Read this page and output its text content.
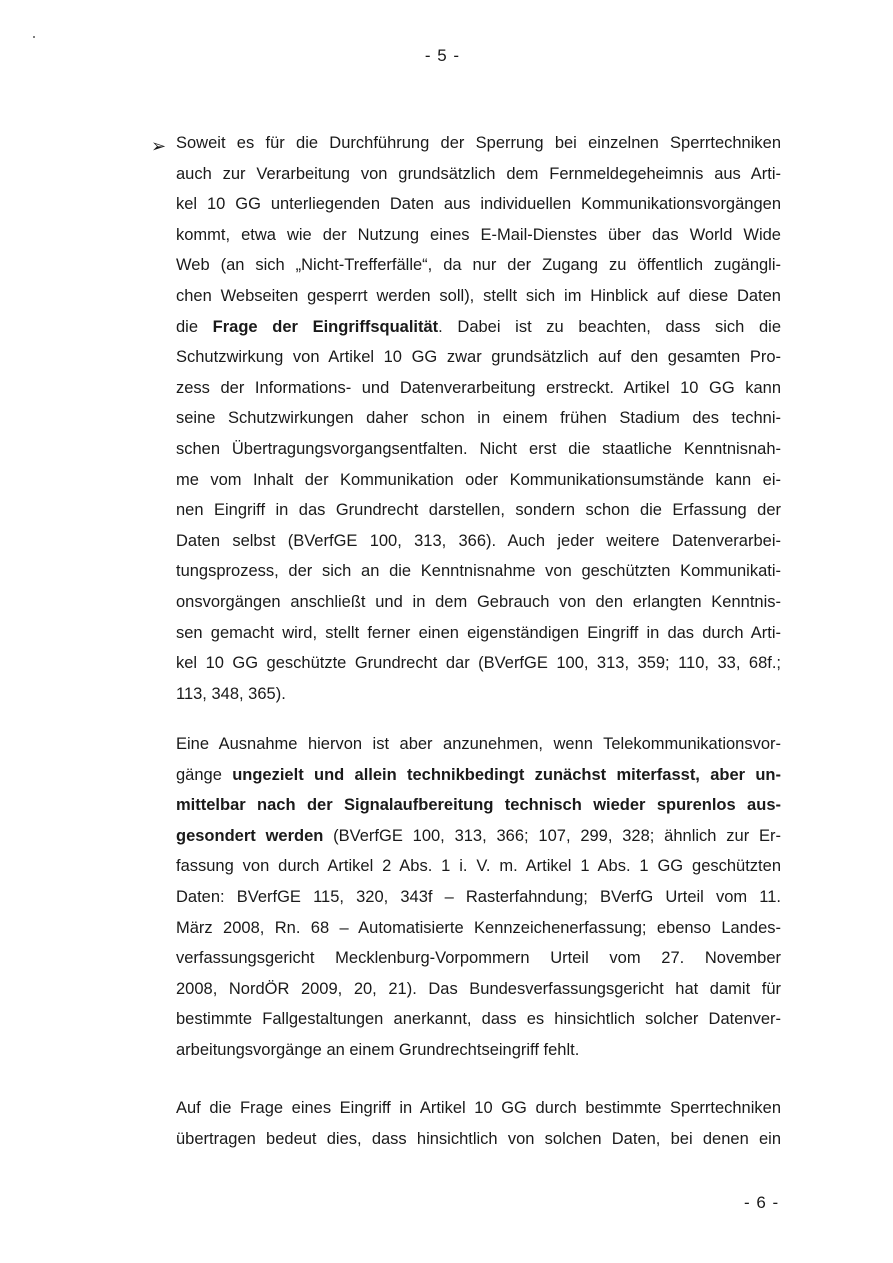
- 5 -
➢ Soweit es für die Durchführung der Sperrung bei einzelnen Sperrtechniken
auch zur Verarbeitung von grundsätzlich dem Fernmeldegeheimnis aus Arti-
kel 10 GG unterliegenden Daten aus individuellen Kommunikationsvorgängen
kommt, etwa wie der Nutzung eines E-Mail-Dienstes über das World Wide
Web (an sich „Nicht-Trefferfälle“, da nur der Zugang zu öffentlich zugängli-
chen Webseiten gesperrt werden soll), stellt sich im Hinblick auf diese Daten
die Frage der Eingriffsqualität. Dabei ist zu beachten, dass sich die
Schutzwirkung von Artikel 10 GG zwar grundsätzlich auf den gesamten Pro-
zess der Informations- und Datenverarbeitung erstreckt. Artikel 10 GG kann
seine Schutzwirkungen daher schon in einem frühen Stadium des techni-
schen Übertragungsvorgangsentfalten. Nicht erst die staatliche Kenntnisnah-
me vom Inhalt der Kommunikation oder Kommunikationsumstände kann ei-
nen Eingriff in das Grundrecht darstellen, sondern schon die Erfassung der
Daten selbst (BVerfGE 100, 313, 366). Auch jeder weitere Datenverarbei-
tungsprozess, der sich an die Kenntnisnahme von geschützten Kommunikati-
onsvorgängen anschließt und in dem Gebrauch von den erlangten Kenntnis-
sen gemacht wird, stellt ferner einen eigenständigen Eingriff in das durch Arti-
kel 10 GG geschützte Grundrecht dar (BVerfGE 100, 313, 359; 110, 33, 68f.;
113, 348, 365).
Eine Ausnahme hiervon ist aber anzunehmen, wenn Telekommunikationsvor-
gänge ungezielt und allein technikbedingt zunächst miterfasst, aber un-
mittelbar nach der Signalaufbereitung technisch wieder spurenlos aus-
gesondert werden (BVerfGE 100, 313, 366; 107, 299, 328; ähnlich zur Er-
fassung von durch Artikel 2 Abs. 1 i. V. m. Artikel 1 Abs. 1 GG geschützten
Daten: BVerfGE 115, 320, 343f – Rasterfahndung; BVerfG Urteil vom 11.
März 2008, Rn. 68 – Automatisierte Kennzeichenerfassung; ebenso Landes-
verfassungsgericht Mecklenburg-Vorpommern Urteil vom 27. November
2008, NordÖR 2009, 20, 21). Das Bundesverfassungsgericht hat damit für
bestimmte Fallgestaltungen anerkannt, dass es hinsichtlich solcher Datenver-
arbeitungsvorgänge an einem Grundrechtseingriff fehlt.
Auf die Frage eines Eingriff in Artikel 10 GG durch bestimmte Sperrtechniken
übertragen bedeut dies, dass hinsichtlich von solchen Daten, bei denen ein
- 6 -
